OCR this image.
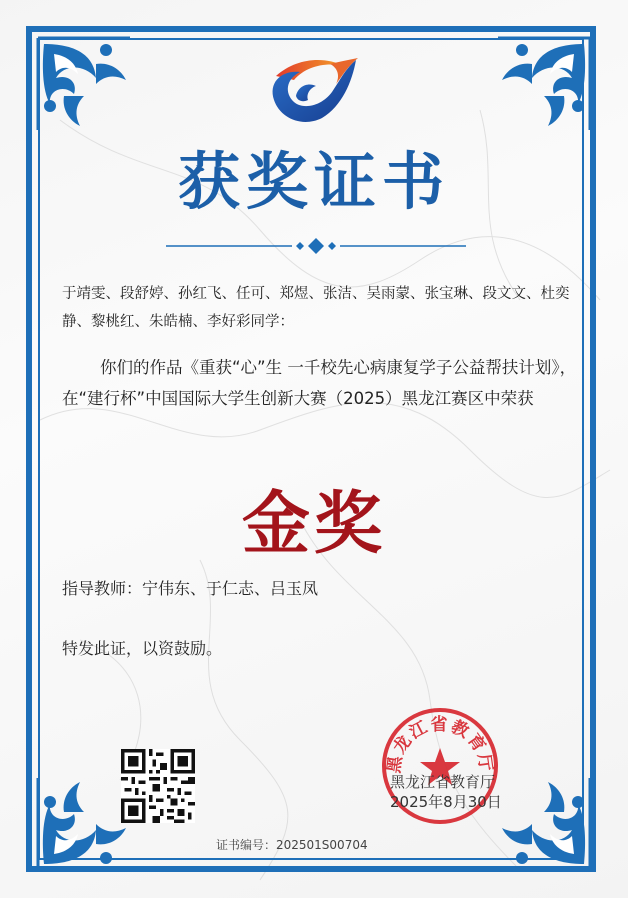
获奖证书
于靖雯、段舒婷、孙红飞、任可、郑煜、张洁、吴雨蒙、张宝琳、段文文、杜奕静、黎桃红、朱皓楠、李好彩同学：
你们的作品《重获“心”生 一千校先心病康复学子公益帮扶计划》，在“建行杯”中国国际大学生创新大赛（2025）黑龙江赛区中荣获
金奖
指导教师：宁伟东、于仁志、吕玉凤
特发此证，以资鼓励。
黑龙江省教育厅
黑龙江省教育厅
2025年8月30日
证书编号：202501S00704
